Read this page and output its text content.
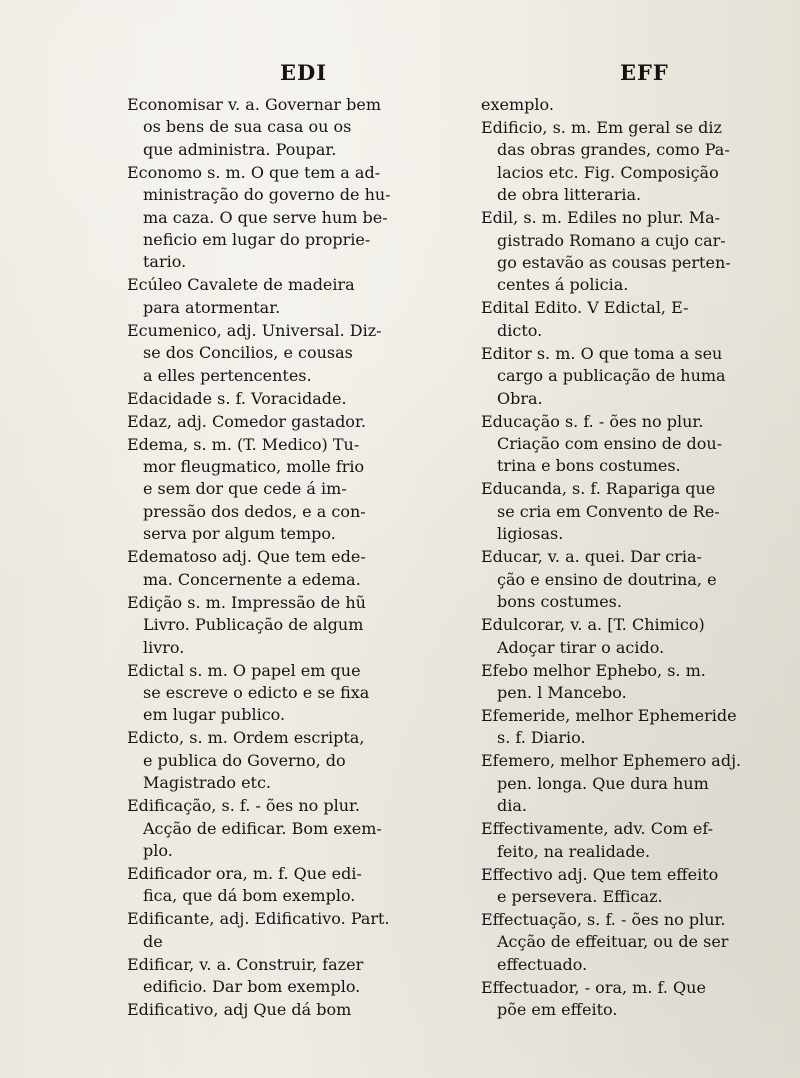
EDI	EFF
Economisar v. a. Governar bem
os bens de sua casa ou os
que administra. Poupar.
Economo s. m. O que tem a ad-
ministração do governo de hu-
ma caza. O que serve hum be-
neficio em lugar do proprie-
tario.
Ecúleo Cavalete de madeira
para atormentar.
Ecumenico, adj. Universal. Diz-
se dos Concilios, e cousas
a elles pertencentes.
Edacidade s. f. Voracidade.
Edaz, adj. Comedor gastador.
Edema, s. m. (T. Medico) Tu-
mor fleugmatico, molle frio
e sem dor que cede á im-
pressão dos dedos, e a con-
serva por algum tempo.
Edematoso adj. Que tem ede-
ma. Concernente a edema.
Edição s. m. Impressão de hũ
Livro. Publicação de algum
livro.
Edictal s. m. O papel em que
se escreve o edicto e se fixa
em lugar publico.
Edicto, s. m. Ordem escripta,
e publica do Governo, do
Magistrado etc.
Edificação, s. f. - ões no plur.
Acção de edificar. Bom exem-
plo.
Edificador ora, m. f. Que edi-
fica, que dá bom exemplo.
Edificante, adj. Edificativo. Part.
de
Edificar, v. a. Construir, fazer
edificio. Dar bom exemplo.
Edificativo, adj Que dá bom
exemplo.
Edificio, s. m. Em geral se diz
das obras grandes, como Pa-
lacios etc. Fig. Composição
de obra litteraria.
Edil, s. m. Ediles no plur. Ma-
gistrado Romano a cujo car-
go estavão as cousas perten-
centes á policia.
Edital Edito. V Edictal, E-
dicto.
Editor s. m. O que toma a seu
cargo a publicação de huma
Obra.
Educação s. f. - ões no plur.
Criação com ensino de dou-
trina e bons costumes.
Educanda, s. f. Rapariga que
se cria em Convento de Re-
ligiosas.
Educar, v. a. quei. Dar cria-
ção e ensino de doutrina, e
bons costumes.
Edulcorar, v. a. [T. Chimico)
Adoçar tirar o acido.
Efebo melhor Ephebo, s. m.
pen. l Mancebo.
Efemeride, melhor Ephemeride
s. f. Diario.
Efemero, melhor Ephemero adj.
pen. longa. Que dura hum
dia.
Effectivamente, adv. Com ef-
feito, na realidade.
Effectivo adj. Que tem effeito
e persevera. Efficaz.
Effectuação, s. f. - ões no plur.
Acção de effeituar, ou de ser
effectuado.
Effectuador, - ora, m. f. Que
põe em effeito.
